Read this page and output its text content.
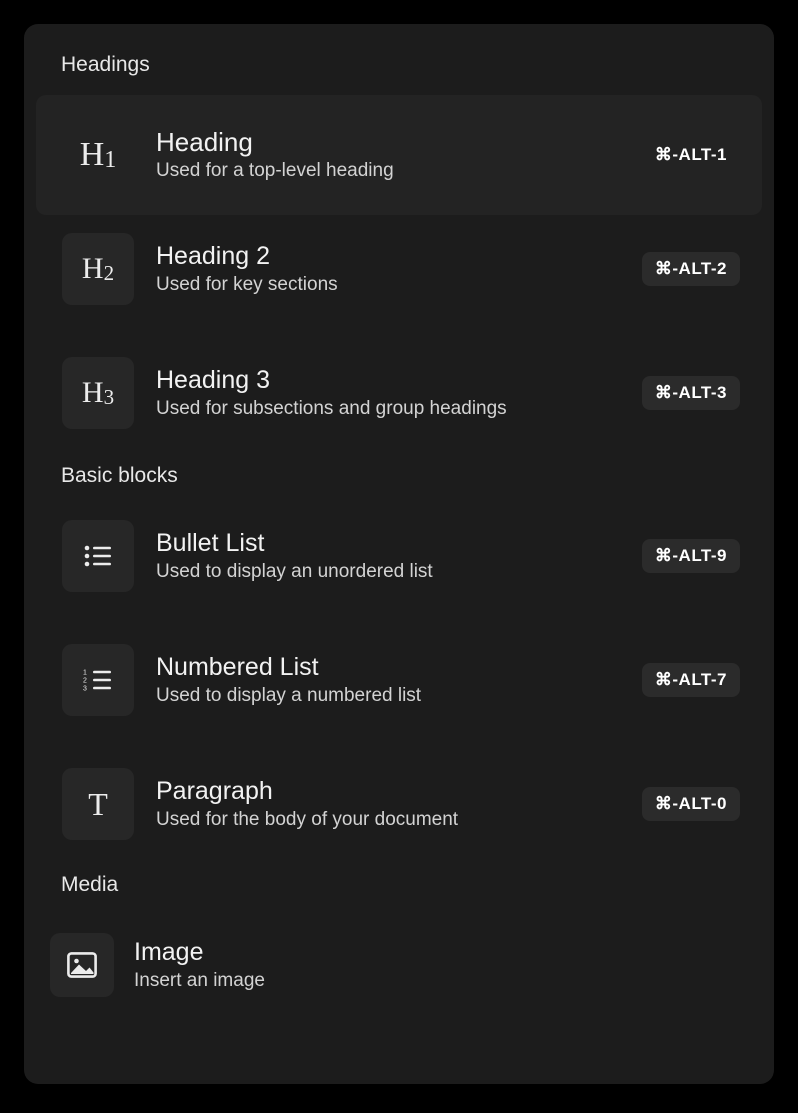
Headings
$H_1$
Heading
Used for a top-level heading
⌘-ALT-1
$H_2$
Heading 2
Used for key sections
⌘-ALT-2
$H_3$
Heading 3
Used for subsections and group headings
⌘-ALT-3
Basic blocks
Bullet List
Used to display an unordered list
⌘-ALT-9
1
2
3
Numbered List
Used to display a numbered list
⌘-ALT-7
T Paragraph
Used for the body of your document
⌘-ALT-0
Media
Image
Insert an image
